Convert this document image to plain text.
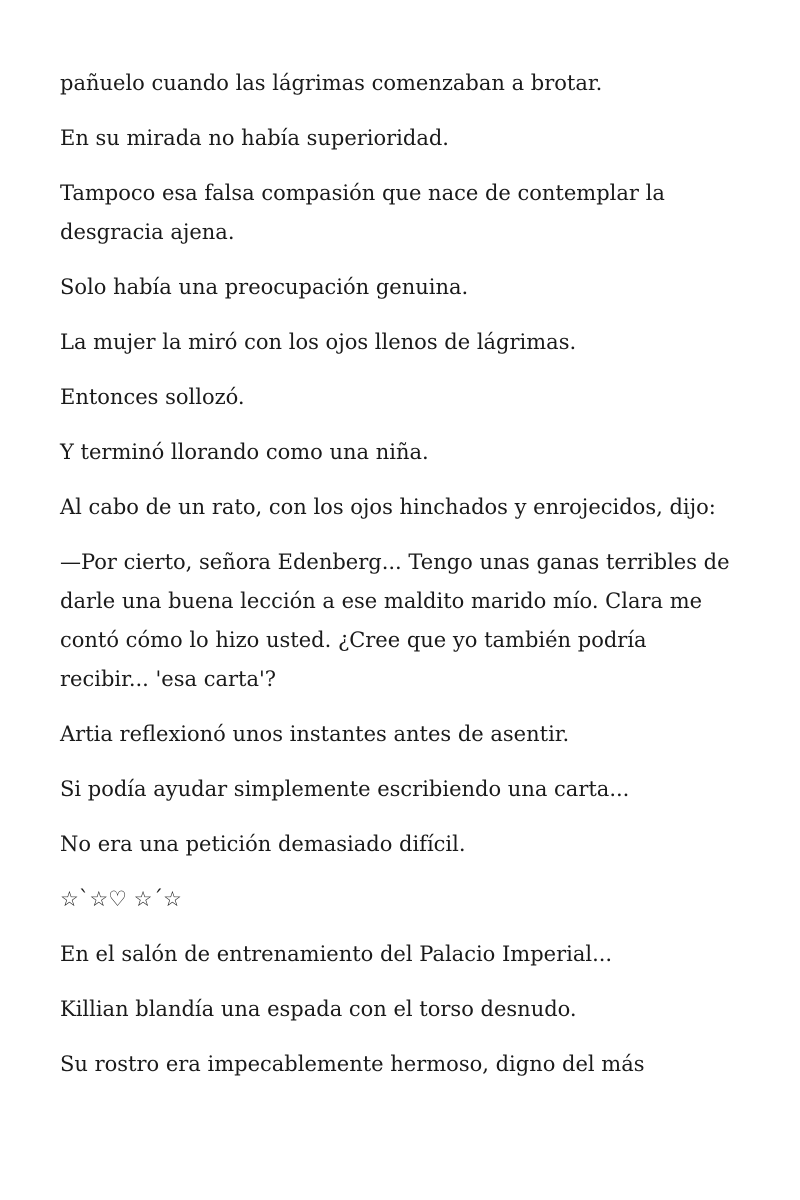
pañuelo cuando las lágrimas comenzaban a brotar.

En su mirada no había superioridad.

Tampoco esa falsa compasión que nace de contemplar la desgracia ajena.

Solo había una preocupación genuina.

La mujer la miró con los ojos llenos de lágrimas.

Entonces sollozó.

Y terminó llorando como una niña.

Al cabo de un rato, con los ojos hinchados y enrojecidos, dijo:

—Por cierto, señora Edenberg... Tengo unas ganas terribles de darle una buena lección a ese maldito marido mío. Clara me contó cómo lo hizo usted. ¿Cree que yo también podría recibir... 'esa carta'?

Artia reflexionó unos instantes antes de asentir.

Si podía ayudar simplemente escribiendo una carta...

No era una petición demasiado difícil.

☆`☆♡ ☆´☆

En el salón de entrenamiento del Palacio Imperial...

Killian blandía una espada con el torso desnudo.

Su rostro era impecablemente hermoso, digno del más
